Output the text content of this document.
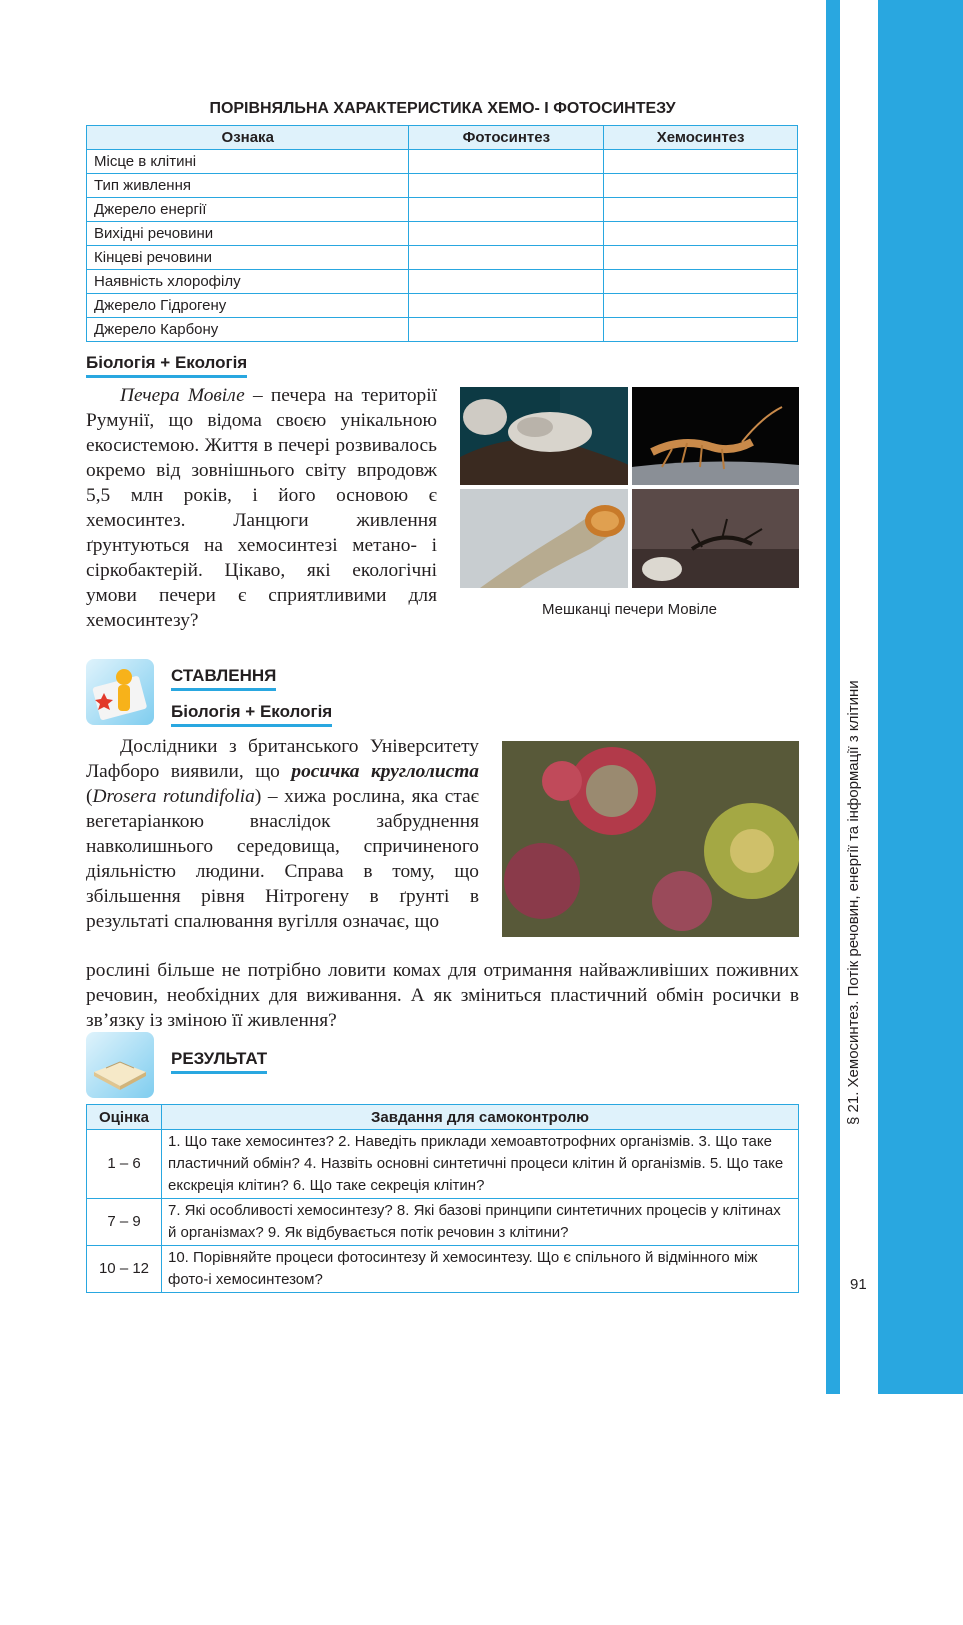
§ 21. Хемосинтез. Потік речовин, енергії та інформації з клітини
91
ПОРІВНЯЛЬНА ХАРАКТЕРИСТИКА ХЕМО- І ФОТОСИНТЕЗУ
Ознака	Фотосинтез	Хемосинтез
Місце в клітині		
Тип живлення		
Джерело енергії		
Вихідні речовини		
Кінцеві речовини		
Наявність хлорофілу		
Джерело Гідрогену		
Джерело Карбону		
Біологія + Екологія
Печера Мовіле – печера на території Румунії, що відома своєю унікальною екосистемою. Життя в печері розвивалось окремо від зовнішнього світу впродовж 5,5 млн років, і його основою є хемосинтез. Ланцюги живлення ґрунтуються на хемосинтезі метано- і сіркобактерій. Цікаво, які екологічні умови печери є сприятливими для хемосинтезу?
Мешканці печери Мовіле
СТАВЛЕННЯ
Біологія + Екологія
Дослідники з британського Університету Лафборо виявили, що росичка круглолиста (Drosera rotundifolia) – хижа рослина, яка стає вегетаріанкою внаслідок забруднення навколишнього середовища, спричиненого діяльністю людини. Справа в тому, що збільшення рівня Нітрогену в ґрунті в результаті спалювання вугілля означає, що
рослині більше не потрібно ловити комах для отримання найважливіших поживних речовин, необхідних для виживання. А як зміниться пластичний обмін росички в зв’язку із зміною її живлення?
РЕЗУЛЬТАТ
Оцінка	Завдання для самоконтролю
1 – 6	1. Що таке хемосинтез? 2. Наведіть приклади хемоавтотрофних організмів. 3. Що таке пластичний обмін? 4. Назвіть основні синтетичні процеси клітин й організмів. 5. Що таке екскреція клітин? 6. Що таке секреція клітин?
7 – 9	7. Які особливості хемосинтезу? 8. Які базові принципи синтетичних процесів у клітинах й організмах? 9. Як відбувається потік речовин з клітини?
10 – 12	10. Порівняйте процеси фотосинтезу й хемосинтезу. Що є спільного й відмінного між фото-і хемосинтезом?
